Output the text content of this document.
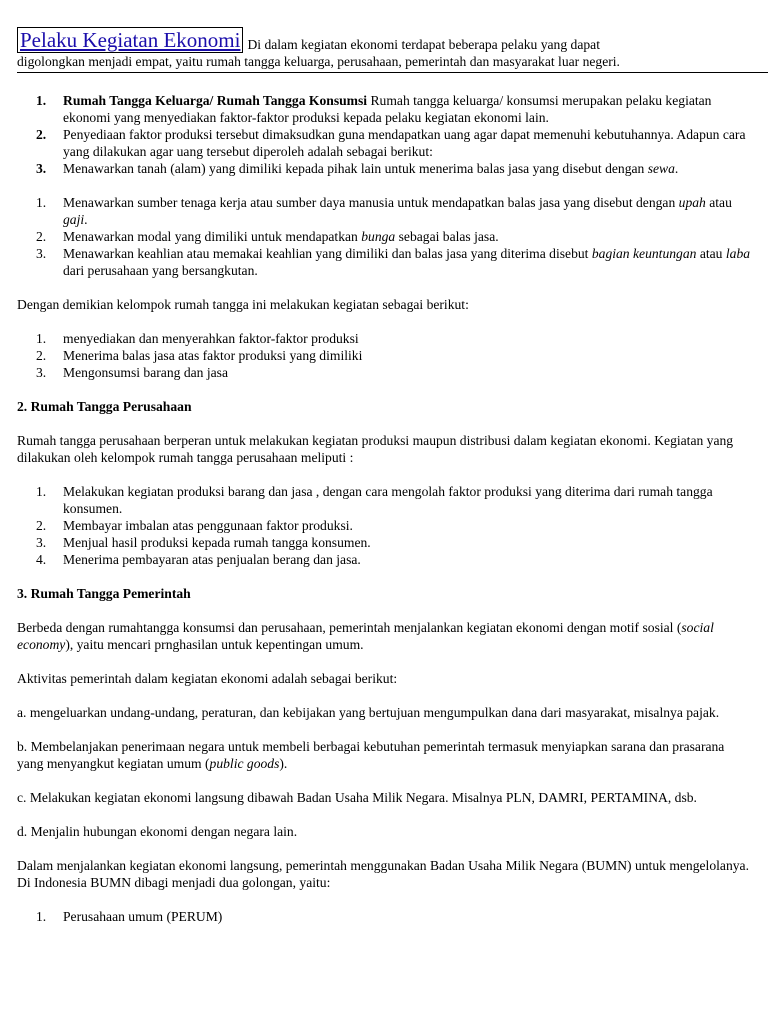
Pelaku Kegiatan Ekonomi Di dalam kegiatan ekonomi terdapat beberapa pelaku yang dapat
digolongkan menjadi empat, yaitu rumah tangga keluarga, perusahaan, pemerintah dan masyarakat luar negeri.
1. Rumah Tangga Keluarga/ Rumah Tangga Konsumsi Rumah tangga keluarga/ konsumsi merupakan pelaku kegiatan ekonomi yang menyediakan faktor-faktor produksi kepada pelaku kegiatan ekonomi lain.
2. Penyediaan faktor produksi tersebut dimaksudkan guna mendapatkan uang agar dapat memenuhi kebutuhannya. Adapun cara yang dilakukan agar uang tersebut diperoleh adalah sebagai berikut:
3. Menawarkan tanah (alam) yang dimiliki kepada pihak lain untuk menerima balas jasa yang disebut dengan sewa.
1. Menawarkan sumber tenaga kerja atau sumber daya manusia untuk mendapatkan balas jasa yang disebut dengan upah atau gaji.
2. Menawarkan modal yang dimiliki untuk mendapatkan bunga sebagai balas jasa.
3. Menawarkan keahlian atau memakai keahlian yang dimiliki dan balas jasa yang diterima disebut bagian keuntungan atau laba dari perusahaan yang bersangkutan.

Dengan demikian kelompok rumah tangga ini melakukan kegiatan sebagai berikut:

1. menyediakan dan menyerahkan faktor-faktor produksi
2. Menerima balas jasa atas faktor produksi yang dimiliki
3. Mengonsumsi barang dan jasa

2. Rumah Tangga Perusahaan

Rumah tangga perusahaan berperan untuk melakukan kegiatan produksi maupun distribusi dalam kegiatan ekonomi. Kegiatan yang dilakukan oleh kelompok rumah tangga perusahaan meliputi :

1. Melakukan kegiatan produksi barang dan jasa , dengan cara mengolah faktor produksi yang diterima dari rumah tangga konsumen.
2. Membayar imbalan atas penggunaan faktor produksi.
3. Menjual hasil produksi kepada rumah tangga konsumen.
4. Menerima pembayaran atas penjualan berang dan jasa.

3. Rumah Tangga Pemerintah

Berbeda dengan rumahtangga konsumsi dan perusahaan, pemerintah menjalankan kegiatan ekonomi dengan motif sosial (social economy), yaitu mencari prnghasilan untuk kepentingan umum.

Aktivitas pemerintah dalam kegiatan ekonomi adalah sebagai berikut:

a. mengeluarkan undang-undang, peraturan, dan kebijakan yang bertujuan mengumpulkan dana dari masyarakat, misalnya pajak.

b. Membelanjakan penerimaan negara untuk membeli berbagai kebutuhan pemerintah termasuk menyiapkan sarana dan prasarana yang menyangkut kegiatan umum (public goods).

c. Melakukan kegiatan ekonomi langsung dibawah Badan Usaha Milik Negara. Misalnya PLN, DAMRI, PERTAMINA, dsb.

d. Menjalin hubungan ekonomi dengan negara lain.

Dalam menjalankan kegiatan ekonomi langsung, pemerintah menggunakan Badan Usaha Milik Negara (BUMN) untuk mengelolanya. Di Indonesia BUMN dibagi menjadi dua golongan, yaitu:

1. Perusahaan umum (PERUM)
